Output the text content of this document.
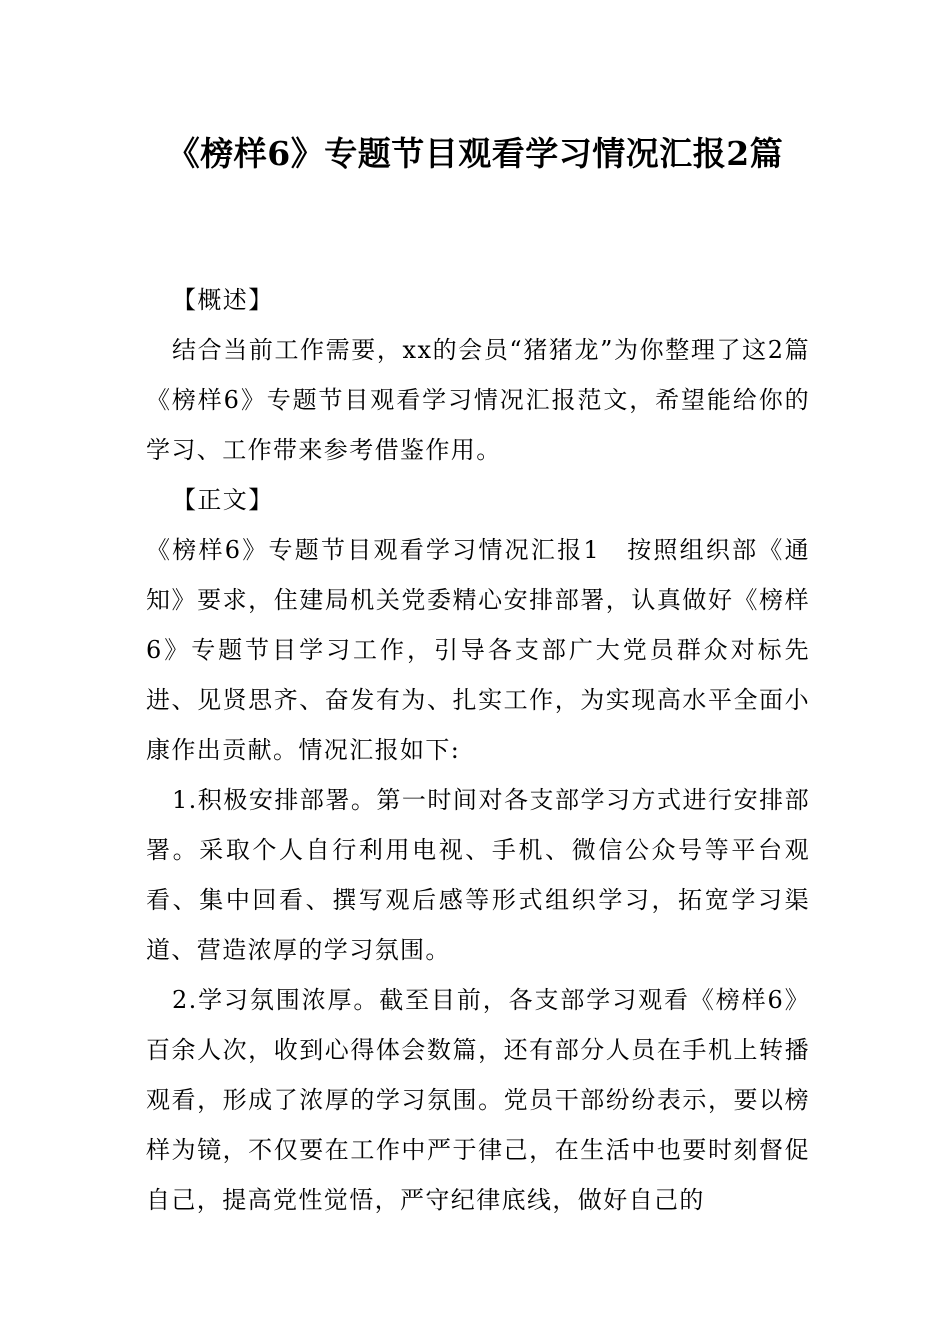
《榜样6》专题节目观看学习情况汇报2篇

【概述】

结合当前工作需要，xx的会员“猪猪龙”为你整理了这2篇《榜样6》专题节目观看学习情况汇报范文，希望能给你的学习、工作带来参考借鉴作用。

【正文】

《榜样6》专题节目观看学习情况汇报1　按照组织部《通知》要求，住建局机关党委精心安排部署，认真做好《榜样6》专题节目学习工作，引导各支部广大党员群众对标先进、见贤思齐、奋发有为、扎实工作，为实现高水平全面小康作出贡献。情况汇报如下:

1.积极安排部署。第一时间对各支部学习方式进行安排部署。采取个人自行利用电视、手机、微信公众号等平台观看、集中回看、撰写观后感等形式组织学习，拓宽学习渠道、营造浓厚的学习氛围。

2.学习氛围浓厚。截至目前，各支部学习观看《榜样6》百余人次，收到心得体会数篇，还有部分人员在手机上转播观看，形成了浓厚的学习氛围。党员干部纷纷表示，要以榜样为镜，不仅要在工作中严于律己，在生活中也要时刻督促自己，提高党性觉悟，严守纪律底线，做好自己的
